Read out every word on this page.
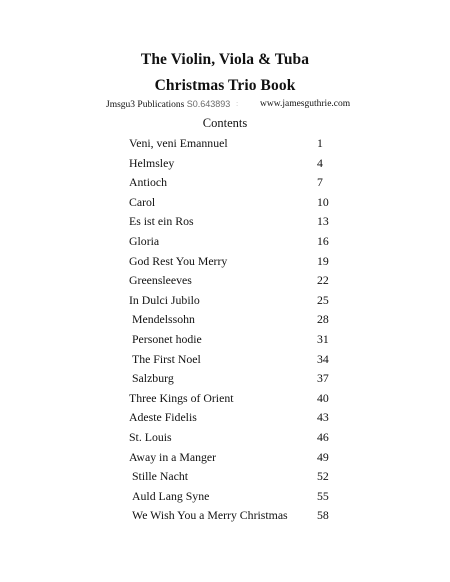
The Violin, Viola & Tuba
Christmas Trio Book
Jmsgu3 Publications S0.643893 : www.jamesguthrie.com
Contents
Veni, veni Emannuel	1
Helmsley	4
Antioch	7
Carol	10
Es ist ein Ros	13
Gloria	16
God Rest You Merry	19
Greensleeves	22
In Dulci Jubilo	25
Mendelssohn	28
Personet hodie	31
The First Noel	34
Salzburg	37
Three Kings of Orient	40
Adeste Fidelis	43
St. Louis	46
Away in a Manger	49
Stille Nacht	52
Auld Lang Syne	55
We Wish You a Merry Christmas 58
